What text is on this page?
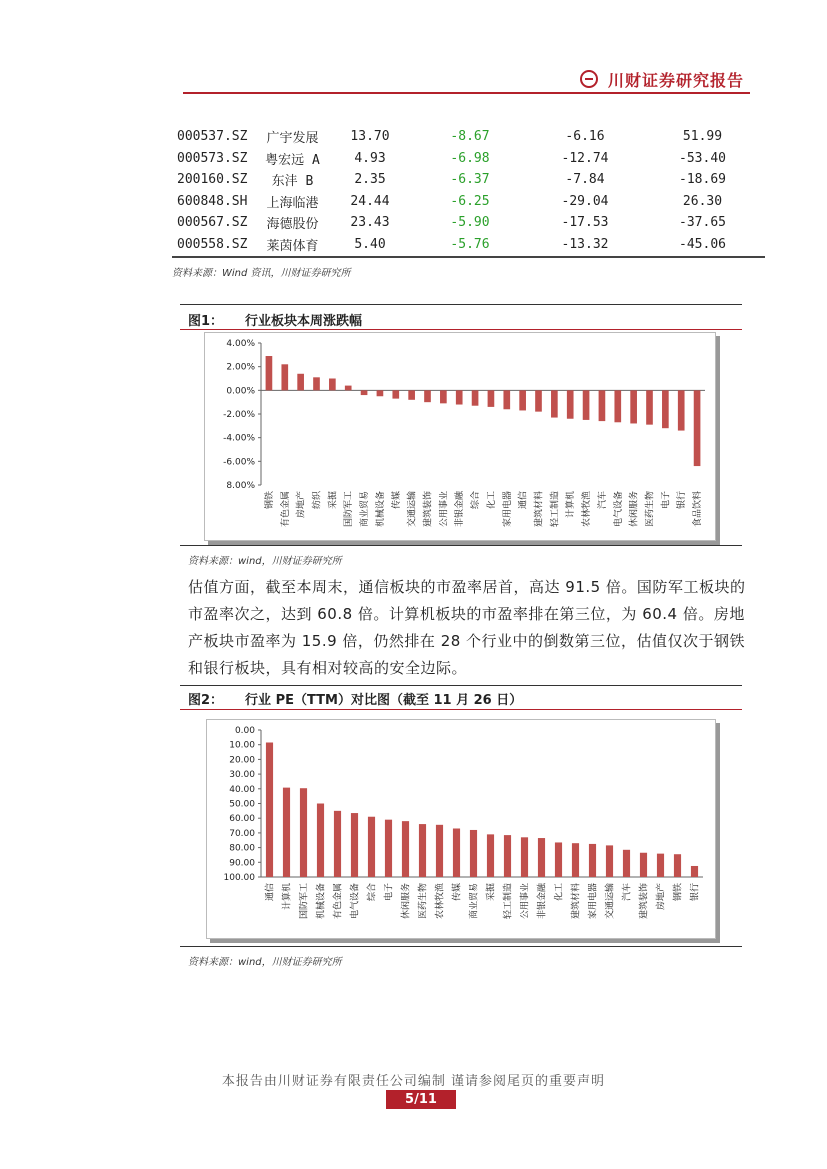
川财证券研究报告
000537.SZ	广宇发展	13.70	-8.67	-6.16	51.99
000573.SZ	粤宏远 A	4.93	-6.98	-12.74	-53.40
200160.SZ	东沣 B	2.35	-6.37	-7.84	-18.69
600848.SH	上海临港	24.44	-6.25	-29.04	26.30
000567.SZ	海德股份	23.43	-5.90	-17.53	-37.65
000558.SZ	莱茵体育	5.40	-5.76	-13.32	-45.06
资料来源：Wind 资讯，川财证券研究所
图1： 行业板块本周涨跌幅
4.00%
2.00%
0.00%
-2.00%
-4.00%
-6.00%
8.00%
钢铁 有色金属 房地产 纺织 采掘 国防军工 商业贸易 机械设备 传媒 交通运输 建筑装饰 公用事业 非银金融 综合 化工 家用电器 通信 建筑材料 轻工制造 计算机 农林牧渔 汽车 电气设备 休闲服务 医药生物 电子 银行 食品饮料
资料来源：wind，川财证券研究所
估值方面，截至本周末，通信板块的市盈率居首，高达 91.5 倍。国防军工板块的市盈率次之，达到 60.8 倍。计算机板块的市盈率排在第三位，为 60.4 倍。房地产板块市盈率为 15.9 倍，仍然排在 28 个行业中的倒数第三位，估值仅次于钢铁和银行板块，具有相对较高的安全边际。
图2： 行业 PE（TTM）对比图（截至 11 月 26 日）
0.00
10.00
20.00
30.00
40.00
50.00
60.00
70.00
80.00
90.00
100.00
通信 计算机 国防军工 机械设备 有色金属 电气设备 综合 电子 休闲服务 医药生物 农林牧渔 传媒 商业贸易 采掘 轻工制造 公用事业 非银金融 化工 建筑材料 家用电器 交通运输 汽车 建筑装饰 房地产 钢铁 银行
资料来源：wind，川财证券研究所
本报告由川财证券有限责任公司编制 谨请参阅尾页的重要声明
5/11
